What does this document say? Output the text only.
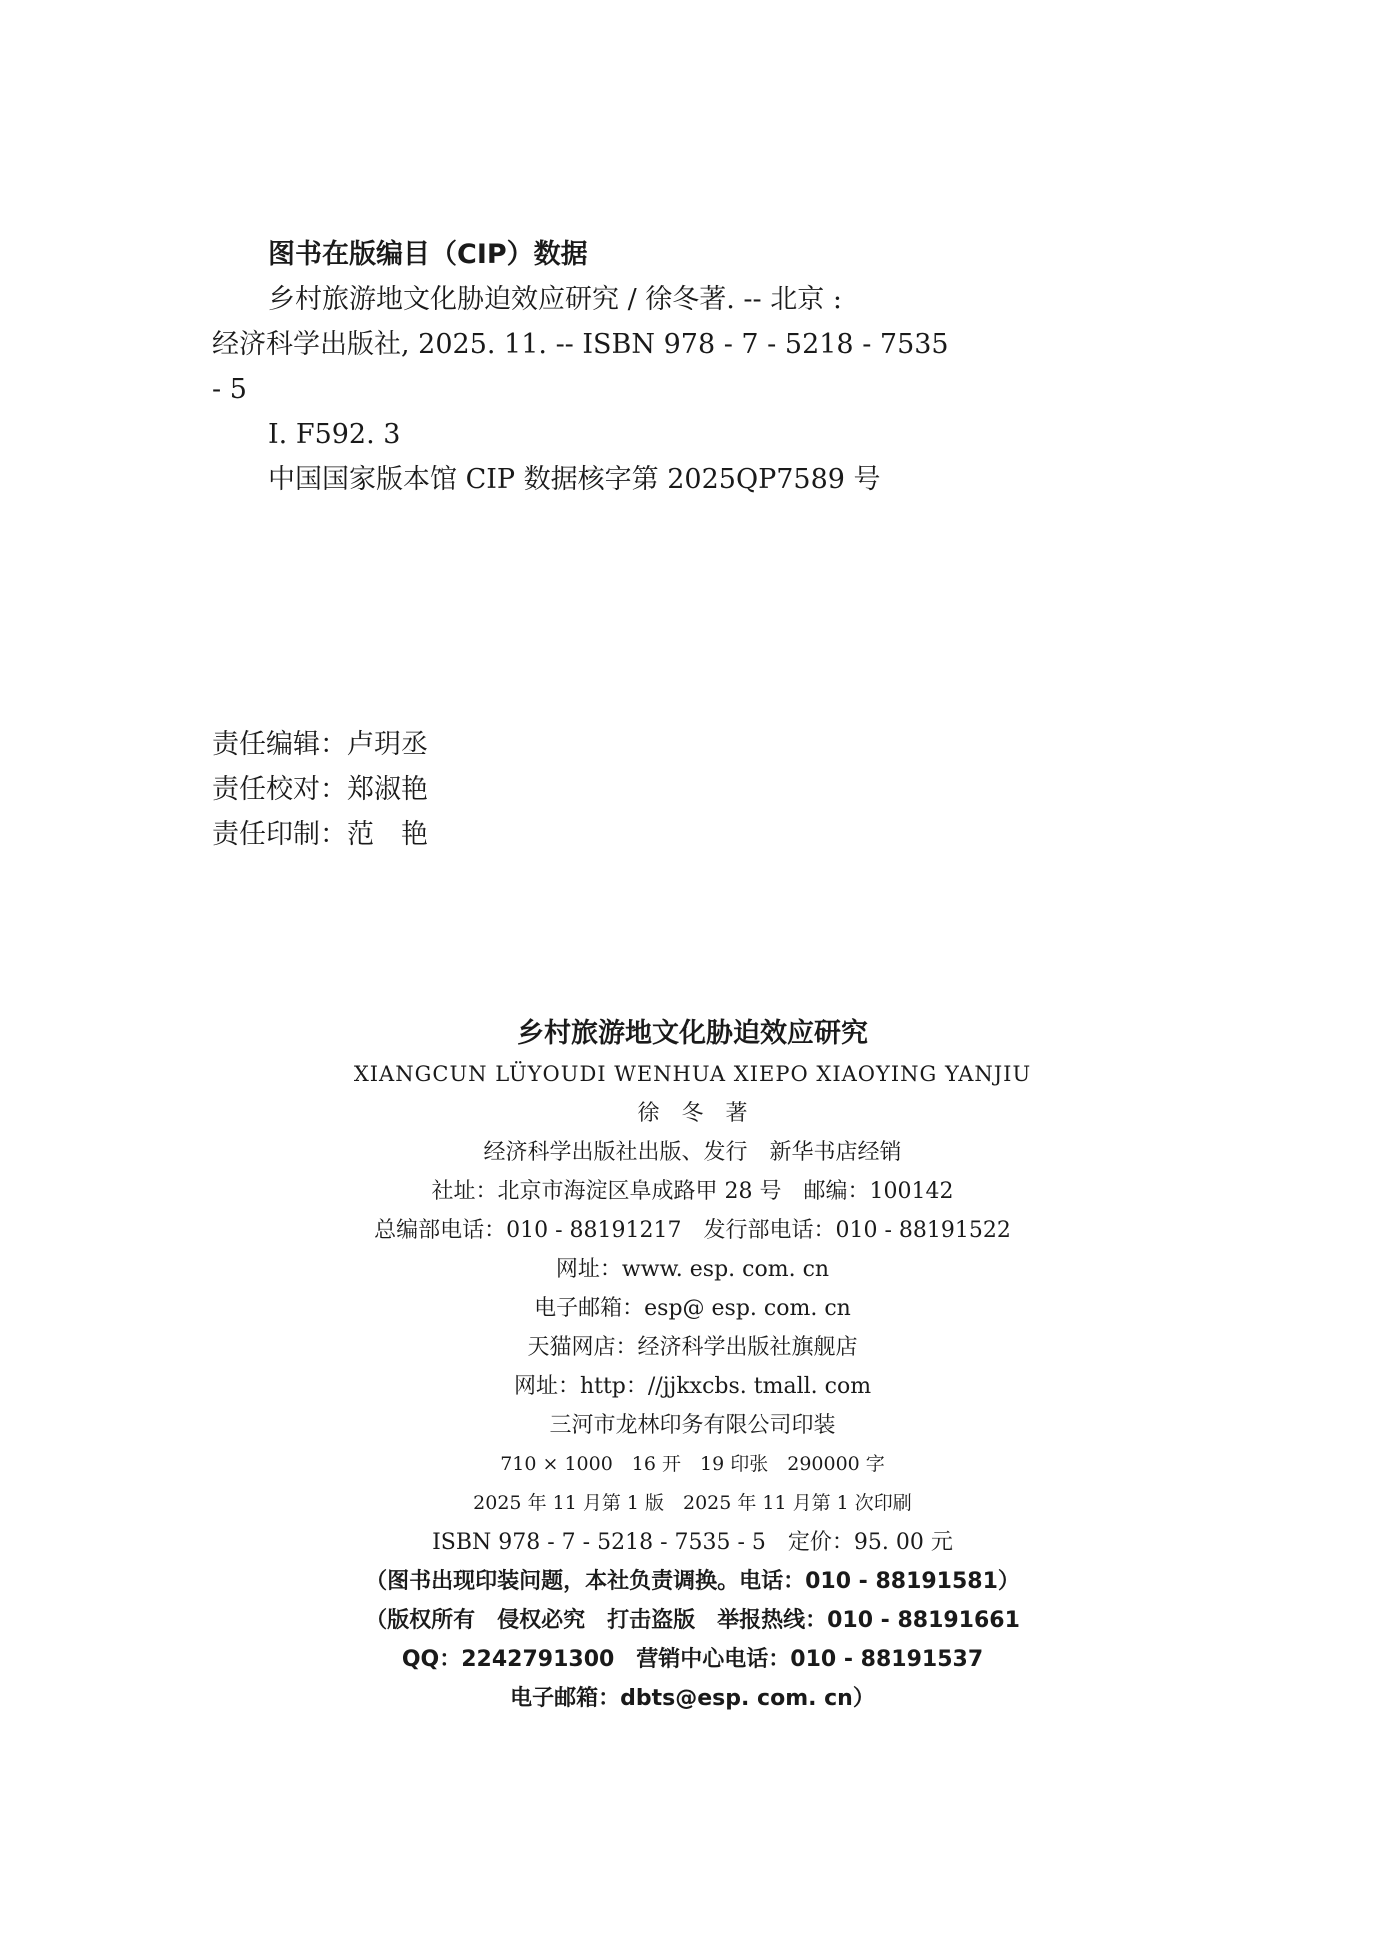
图书在版编目（CIP）数据
乡村旅游地文化胁迫效应研究 / 徐冬著. -- 北京 :
经济科学出版社, 2025. 11. -- ISBN 978 - 7 - 5218 - 7535
- 5
Ⅰ. F592. 3
中国国家版本馆 CIP 数据核字第 2025QP7589 号
责任编辑：卢玥丞
责任校对：郑淑艳
责任印制：范　艳
乡村旅游地文化胁迫效应研究
XIANGCUN LÜYOUDI WENHUA XIEPO XIAOYING YANJIU
徐　冬　著
经济科学出版社出版、发行　新华书店经销
社址：北京市海淀区阜成路甲 28 号　邮编：100142
总编部电话：010 - 88191217　发行部电话：010 - 88191522
网址：www. esp. com. cn
电子邮箱：esp@ esp. com. cn
天猫网店：经济科学出版社旗舰店
网址：http：//jjkxcbs. tmall. com
三河市龙林印务有限公司印装
710 × 1000　16 开　19 印张　290000 字
2025 年 11 月第 1 版　2025 年 11 月第 1 次印刷
ISBN 978 - 7 - 5218 - 7535 - 5　定价：95. 00 元
（图书出现印装问题，本社负责调换。电话：010 - 88191581）
（版权所有　侵权必究　打击盗版　举报热线：010 - 88191661
QQ：2242791300　营销中心电话：010 - 88191537
电子邮箱：dbts@esp. com. cn）
